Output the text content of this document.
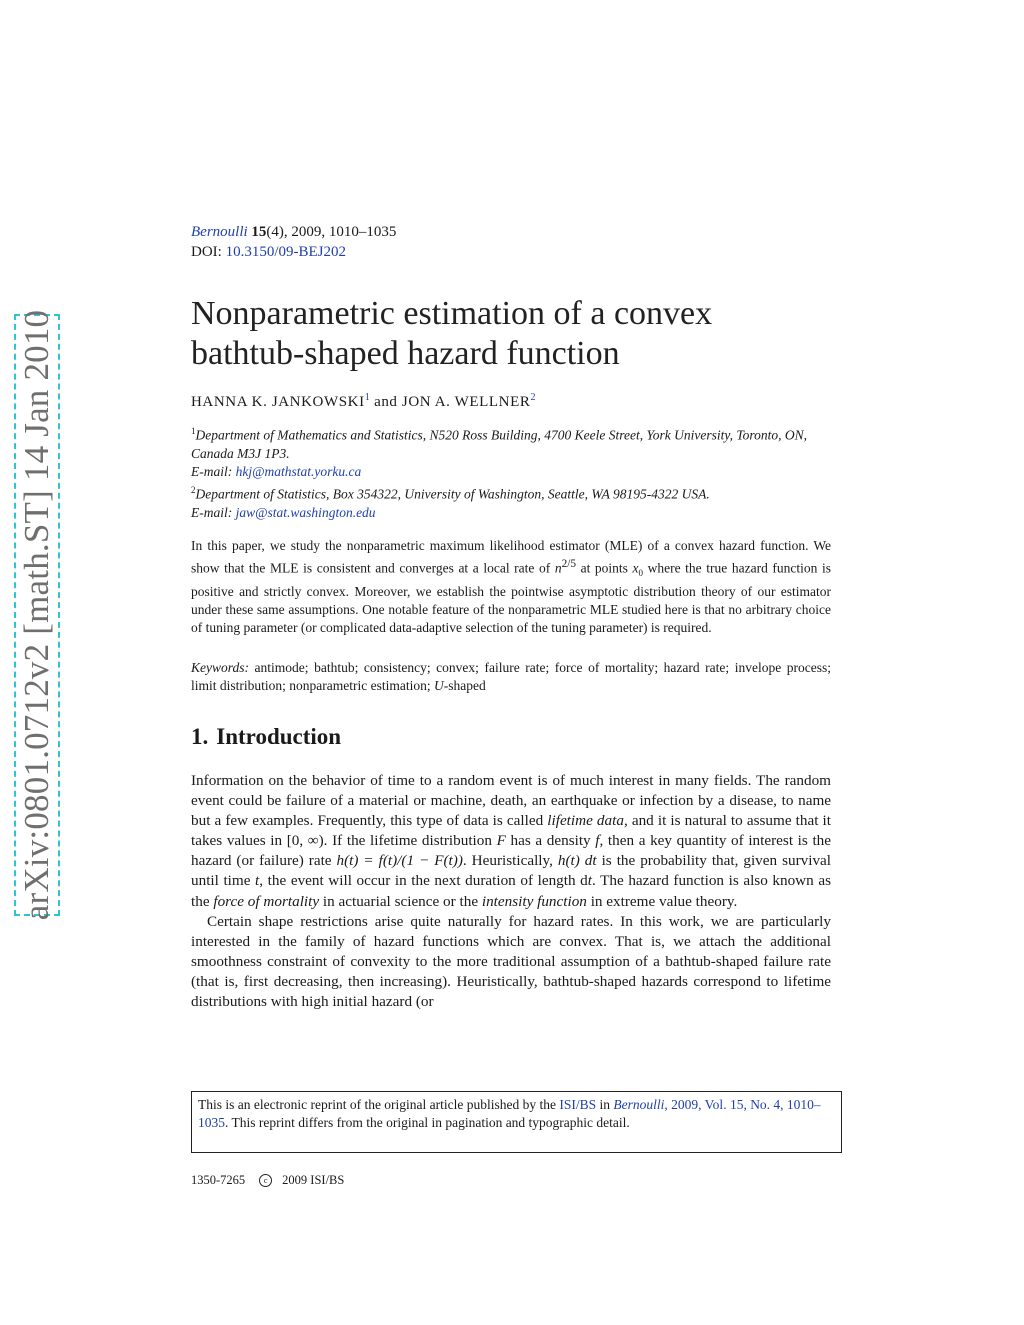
arXiv:0801.0712v2 [math.ST] 14 Jan 2010
Bernoulli 15(4), 2009, 1010–1035
DOI: 10.3150/09-BEJ202
Nonparametric estimation of a convex
bathtub-shaped hazard function
HANNA K. JANKOWSKI$^1$ and JON A. WELLNER$^2$
$^1$Department of Mathematics and Statistics, N520 Ross Building, 4700 Keele Street, York University, Toronto, ON, Canada M3J 1P3.
E-mail: hkj@mathstat.yorku.ca
$^2$Department of Statistics, Box 354322, University of Washington, Seattle, WA 98195-4322 USA.
E-mail: jaw@stat.washington.edu
In this paper, we study the nonparametric maximum likelihood estimator (MLE) of a convex hazard function. We show that the MLE is consistent and converges at a local rate of $n^{2/5}$ at points $x_0$ where the true hazard function is positive and strictly convex. Moreover, we establish the pointwise asymptotic distribution theory of our estimator under these same assumptions. One notable feature of the nonparametric MLE studied here is that no arbitrary choice of tuning parameter (or complicated data-adaptive selection of the tuning parameter) is required.
Keywords: antimode; bathtub; consistency; convex; failure rate; force of mortality; hazard rate; invelope process; limit distribution; nonparametric estimation; U-shaped
1. Introduction

Information on the behavior of time to a random event is of much interest in many fields. The random event could be failure of a material or machine, death, an earthquake or infection by a disease, to name but a few examples. Frequently, this type of data is called lifetime data, and it is natural to assume that it takes values in [0, ∞). If the lifetime distribution F has a density f, then a key quantity of interest is the hazard (or failure) rate h(t) = f(t)/(1 − F(t)). Heuristically, h(t) dt is the probability that, given survival until time t, the event will occur in the next duration of length dt. The hazard function is also known as the force of mortality in actuarial science or the intensity function in extreme value theory.

Certain shape restrictions arise quite naturally for hazard rates. In this work, we are particularly interested in the family of hazard functions which are convex. That is, we attach the additional smoothness constraint of convexity to the more traditional assumption of a bathtub-shaped failure rate (that is, first decreasing, then increasing). Heuristically, bathtub-shaped hazards correspond to lifetime distributions with high initial hazard (or

This is an electronic reprint of the original article published by the ISI/BS in Bernoulli, 2009, Vol. 15, No. 4, 1010–1035. This reprint differs from the original in pagination and typographic detail.
1350-7265 c 2009 ISI/BS
